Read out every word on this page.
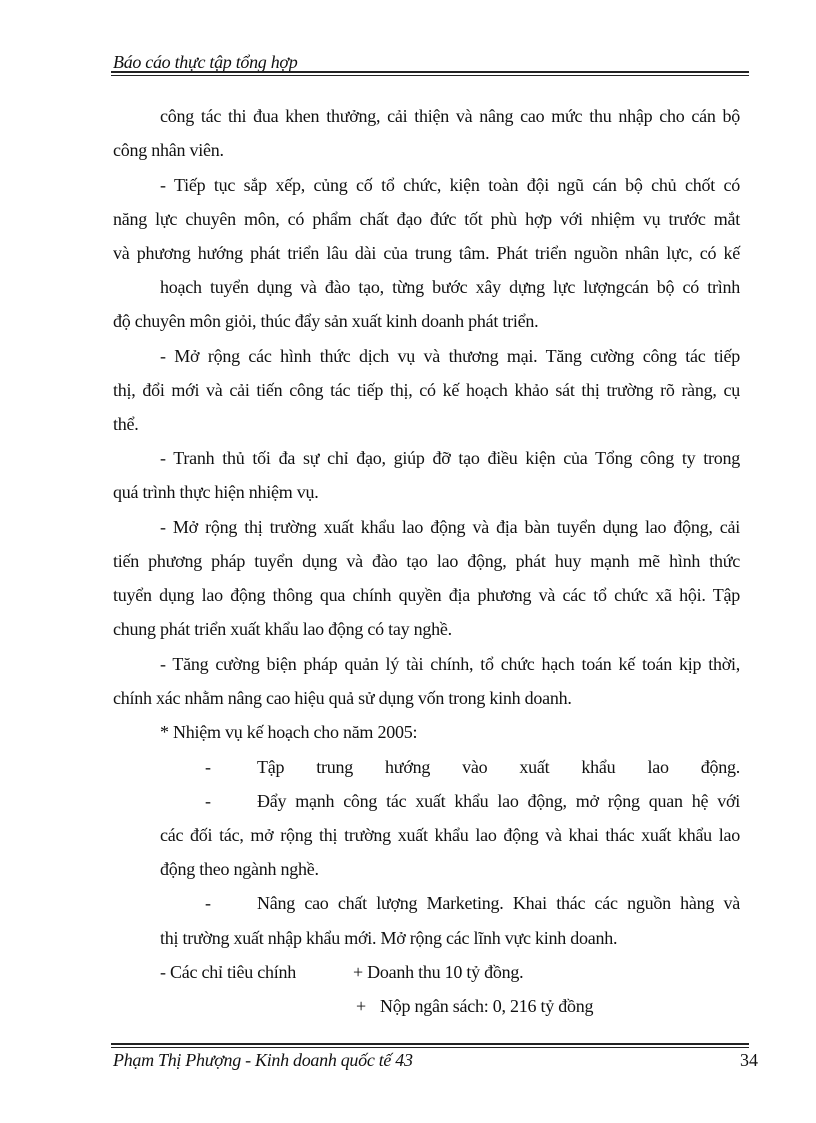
Báo cáo thực tập tổng hợp
công tác thi đua khen thưởng, cải thiện và nâng cao mức thu nhập cho cán bộ
công nhân viên.
- Tiếp tục sắp xếp, củng cố tổ chức, kiện toàn đội ngũ cán bộ chủ chốt có
năng lực chuyên môn, có phẩm chất đạo đức tốt phù hợp với nhiệm vụ trước mắt
và phương hướng phát triển lâu dài của trung tâm. Phát triển nguồn nhân lực, có kế
hoạch tuyển dụng và đào tạo, từng bước xây dựng lực lượngcán bộ có trình
độ chuyên môn giỏi, thúc đẩy sản xuất kinh doanh phát triển.
- Mở rộng các hình thức dịch vụ và thương mại. Tăng cường công tác tiếp
thị, đổi mới và cải tiến công tác tiếp thị, có kế hoạch khảo sát thị trường rõ ràng, cụ
thể.
- Tranh thủ tối đa sự chỉ đạo, giúp đỡ tạo điều kiện của Tổng công ty trong
quá trình thực hiện nhiệm vụ.
- Mở rộng thị trường xuất khẩu lao động và địa bàn tuyển dụng lao động, cải
tiến phương pháp tuyển dụng và đào tạo lao động, phát huy mạnh mẽ hình thức
tuyển dụng lao động thông qua chính quyền địa phương và các tổ chức xã hội. Tập
chung phát triển xuất khẩu lao động có tay nghề.
- Tăng cường biện pháp quản lý tài chính, tổ chức hạch toán kế toán kịp thời,
chính xác nhằm nâng cao hiệu quả sử dụng vốn trong kinh doanh.
* Nhiệm vụ kế hoạch cho năm 2005:
-	Tập trung hướng vào xuất khẩu lao động.
-	Đẩy mạnh công tác xuất khẩu lao động, mở rộng quan hệ với
các đối tác, mở rộng thị trường xuất khẩu lao động và khai thác xuất khẩu lao
động theo ngành nghề.
-	Nâng cao chất lượng Marketing. Khai thác các nguồn hàng và
thị trường xuất nhập khẩu mới. Mở rộng các lĩnh vực kinh doanh.
- Các chỉ tiêu chính	+ Doanh thu 10 tỷ đồng.
+ Nộp ngân sách: 0, 216 tỷ đồng
Phạm Thị Phượng - Kinh doanh quốc tế 43	34
